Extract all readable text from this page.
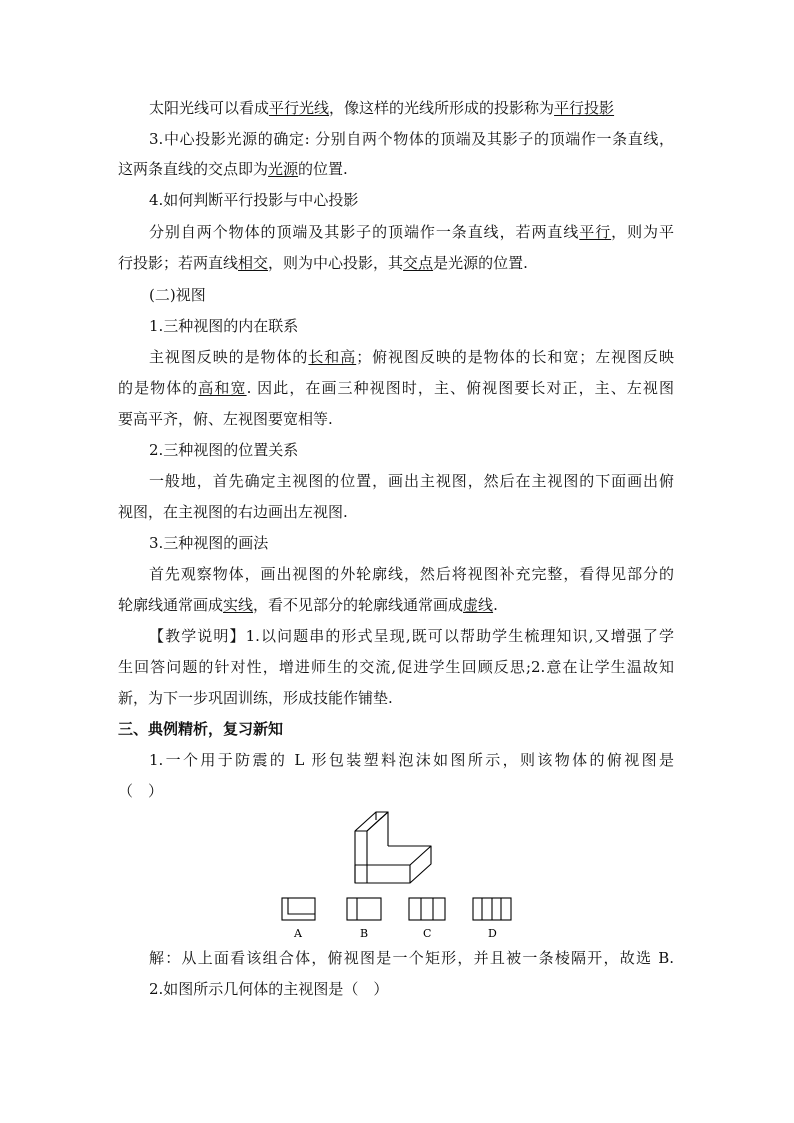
太阳光线可以看成平行光线，像这样的光线所形成的投影称为平行投影
3.中心投影光源的确定: 分别自两个物体的顶端及其影子的顶端作一条直线，
这两条直线的交点即为光源的位置.
4.如何判断平行投影与中心投影
分别自两个物体的顶端及其影子的顶端作一条直线，若两直线平行，则为平
行投影；若两直线相交，则为中心投影，其交点是光源的位置.
(二)视图
1.三种视图的内在联系
主视图反映的是物体的长和高；俯视图反映的是物体的长和宽；左视图反映
的是物体的高和宽. 因此，在画三种视图时，主、俯视图要长对正，主、左视图
要高平齐，俯、左视图要宽相等.
2.三种视图的位置关系
一般地，首先确定主视图的位置，画出主视图，然后在主视图的下面画出俯
视图，在主视图的右边画出左视图.
3.三种视图的画法
首先观察物体，画出视图的外轮廓线，然后将视图补充完整，看得见部分的
轮廓线通常画成实线，看不见部分的轮廓线通常画成虚线.
【教学说明】1.以问题串的形式呈现,既可以帮助学生梳理知识,又增强了学
生回答问题的针对性，增进师生的交流,促进学生回顾反思;2.意在让学生温故知
新，为下一步巩固训练，形成技能作铺垫.
三、典例精析，复习新知
1.一个用于防震的 L 形包装塑料泡沫如图所示，则该物体的俯视图是
（　）
A	B	C	D
解：从上面看该组合体，俯视图是一个矩形，并且被一条棱隔开，故选 B.
2.如图所示几何体的主视图是（　）
